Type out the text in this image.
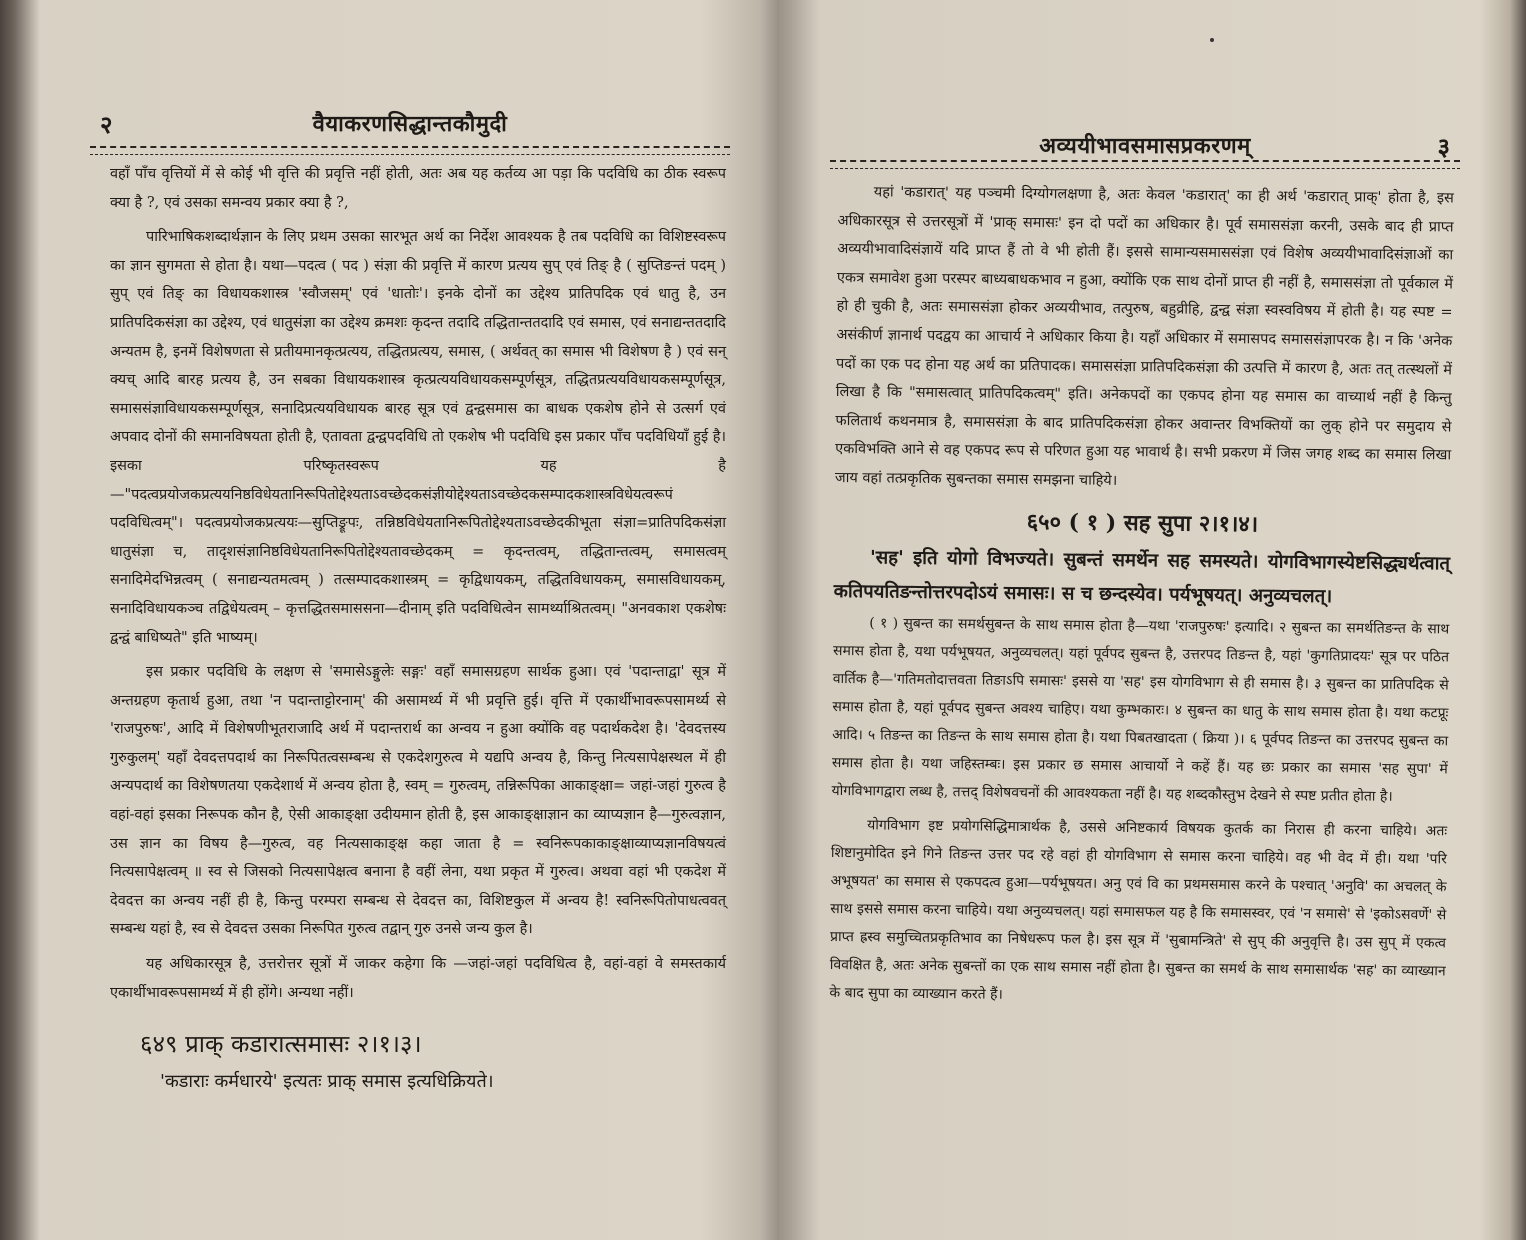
२	वैयाकरणसिद्धान्तकौमुदी

वहाँ पाँच वृत्तियों में से कोई भी वृत्ति की प्रवृत्ति नहीं होती, अतः अब यह कर्तव्य आ पड़ा कि पदविधि का ठीक स्वरूप क्या है ?, एवं उसका समन्वय प्रकार क्या है ?,

पारिभाषिकशब्दार्थज्ञान के लिए प्रथम उसका सारभूत अर्थ का निर्देश आवश्यक है तब पदविधि का विशिष्टस्वरूप का ज्ञान सुगमता से होता है। यथा—पदत्व ( पद ) संज्ञा की प्रवृत्ति में कारण प्रत्यय सुप् एवं तिङ् है ( सुप्तिङन्तं पदम् ) सुप् एवं तिङ् का विधायकशास्त्र 'स्वौजसम्' एवं 'धातोः'। इनके दोनों का उद्देश्य प्रातिपदिक एवं धातु है, उन प्रातिपदिकसंज्ञा का उद्देश्य, एवं धातुसंज्ञा का उद्देश्य क्रमशः कृदन्त तदादि तद्धितान्ततदादि एवं समास, एवं सनाद्यन्ततदादि अन्यतम है, इनमें विशेषणता से प्रतीयमानकृत्प्रत्यय, तद्धितप्रत्यय, समास, ( अर्थवत् का समास भी विशेषण है ) एवं सन् क्यच् आदि बारह प्रत्यय है, उन सबका विधायकशास्त्र कृत्प्रत्ययविधायकसम्पूर्णसूत्र, तद्धितप्रत्ययविधायकसम्पूर्णसूत्र, समाससंज्ञाविधायकसम्पूर्णसूत्र, सनादिप्रत्ययविधायक बारह सूत्र एवं द्वन्द्वसमास का बाधक एकशेष होने से उत्सर्ग एवं अपवाद दोनों की समानविषयता होती है, एतावता द्वन्द्वपदविधि तो एकशेष भी पदविधि इस प्रकार पाँच पदविधियाँ हुई है। इसका परिष्कृतस्वरूप यह है—"पदत्वप्रयोजकप्रत्ययनिष्ठविधेयतानिरूपितोद्देश्यताऽवच्छेदकसंज्ञीयोद्देश्यताऽवच्छेदकसम्पादकशास्त्रविधेयत्वरूपं पदविधित्वम्"। पदत्वप्रयोजकप्रत्ययः—सुप्तिङ्रूपः, तन्निष्ठविधेयतानिरूपितोद्देश्यताऽवच्छेदकीभूता संज्ञा=प्रातिपदिकसंज्ञा धातुसंज्ञा च, तादृशसंज्ञानिष्ठविधेयतानिरूपितोद्देश्यतावच्छेदकम् = कृदन्तत्वम्, तद्धितान्तत्वम्, समासत्वम् सनादिमेदभिन्नत्वम् ( सनाद्यन्यतमत्वम् ) तत्सम्पादकशास्त्रम् = कृद्विधायकम्, तद्धितविधायकम्, समासविधायकम्, सनादिविधायकञ्च तद्विधेयत्वम् – कृत्तद्धितसमाससना—दीनाम् इति पदविधित्वेन सामर्थ्याश्रितत्वम्। "अनवकाश एकशेषः द्वन्द्वं बाधिष्यते" इति भाष्यम्।

इस प्रकार पदविधि के लक्षण से 'समासेऽङ्गुलेः सङ्गः' वहाँ समासग्रहण सार्थक हुआ। एवं 'पदान्ताद्वा' सूत्र में अन्तग्रहण कृतार्थ हुआ, तथा 'न पदान्ताट्टोरनाम्' की असामर्थ्य में भी प्रवृत्ति हुई। वृत्ति में एकार्थीभावरूपसामर्थ्य से 'राजपुरुषः', आदि में विशेषणीभूतराजादि अर्थ में पदान्तरार्थ का अन्वय न हुआ क्योंकि वह पदार्थकदेश है। 'देवदत्तस्य गुरुकुलम्' यहाँ देवदत्तपदार्थ का निरूपितत्वसम्बन्ध से एकदेशगुरुत्व मे यद्यपि अन्वय है, किन्तु नित्यसापेक्षस्थल में ही अन्यपदार्थ का विशेषणतया एकदेशार्थ में अन्वय होता है, स्वम् = गुरुत्वम्, तन्निरूपिका आकाङ्क्षा= जहां-जहां गुरुत्व है वहां-वहां इसका निरूपक कौन है, ऐसी आकाङ्क्षा उदीयमान होती है, इस आकाङ्क्षाज्ञान का व्याप्यज्ञान है—गुरुत्वज्ञान, उस ज्ञान का विषय है—गुरुत्व, वह नित्यसाकाङ्क्ष कहा जाता है = स्वनिरूपकाकाङ्क्षाव्याप्यज्ञानविषयत्वं नित्यसापेक्षत्वम् ॥ स्व से जिसको नित्यसापेक्षत्व बनाना है वहीं लेना, यथा प्रकृत में गुरुत्व। अथवा वहां भी एकदेश में देवदत्त का अन्वय नहीं ही है, किन्तु परम्परा सम्बन्ध से देवदत्त का, विशिष्टकुल में अन्वय है! स्वनिरूपितोपाधत्ववत् सम्बन्ध यहां है, स्व से देवदत्त उसका निरूपित गुरुत्व तद्वान् गुरु उनसे जन्य कुल है।

यह अधिकारसूत्र है, उत्तरोत्तर सूत्रों में जाकर कहेगा कि —जहां-जहां पदविधित्व है, वहां-वहां वे समस्तकार्य एकार्थीभावरूपसामर्थ्य में ही होंगे। अन्यथा नहीं।

६४९ प्राक् कडारात्समासः २।१।३।
'कडाराः कर्मधारये' इत्यतः प्राक् समास इत्यधिक्रियते।
अव्ययीभावसमासप्रकरणम्	३

यहां 'कडारात्' यह पञ्चमी दिग्योगलक्षणा है, अतः केवल 'कडारात्' का ही अर्थ 'कडारात् प्राक्' होता है, इस अधिकारसूत्र से उत्तरसूत्रों में 'प्राक् समासः' इन दो पदों का अधिकार है। पूर्व समाससंज्ञा करनी, उसके बाद ही प्राप्त अव्ययीभावादिसंज्ञायें यदि प्राप्त हैं तो वे भी होती हैं। इससे सामान्यसमाससंज्ञा एवं विशेष अव्ययीभावादिसंज्ञाओं का एकत्र समावेश हुआ परस्पर बाध्यबाधकभाव न हुआ, क्योंकि एक साथ दोनों प्राप्त ही नहीं है, समाससंज्ञा तो पूर्वकाल में हो ही चुकी है, अतः समाससंज्ञा होकर अव्ययीभाव, तत्पुरुष, बहुव्रीहि, द्वन्द्व संज्ञा स्वस्वविषय में होती है। यह स्पष्ट = असंकीर्ण ज्ञानार्थ पदद्वय का आचार्य ने अधिकार किया है। यहाँ अधिकार में समासपद समाससंज्ञापरक है। न कि 'अनेक पदों का एक पद होना यह अर्थ का प्रतिपादक। समाससंज्ञा प्रातिपदिकसंज्ञा की उत्पत्ति में कारण है, अतः तत् तत्स्थलों में लिखा है कि "समासत्वात् प्रातिपदिकत्वम्" इति। अनेकपदों का एकपद होना यह समास का वाच्यार्थ नहीं है किन्तु फलितार्थ कथनमात्र है, समाससंज्ञा के बाद प्रातिपदिकसंज्ञा होकर अवान्तर विभक्तियों का लुक् होने पर समुदाय से एकविभक्ति आने से वह एकपद रूप से परिणत हुआ यह भावार्थ है। सभी प्रकरण में जिस जगह शब्द का समास लिखा जाय वहां तत्प्रकृतिक सुबन्तका समास समझना चाहिये।

६५० ( १ ) सह सुपा २।१।४।
'सह' इति योगो विभज्यते। सुबन्तं समर्थेन सह समस्यते। योगविभागस्येष्टसिद्ध्यर्थत्वात् कतिपयतिङन्तोत्तरपदोऽयं समासः। स च छन्दस्येव। पर्यभूषयत्। अनुव्यचलत्।

( १ ) सुबन्त का समर्थसुबन्त के साथ समास होता है—यथा 'राजपुरुषः' इत्यादि। २ सुबन्त का समर्थतिङन्त के साथ समास होता है, यथा पर्यभूषयत, अनुव्यचलत्। यहां पूर्वपद सुबन्त है, उत्तरपद तिङन्त है, यहां 'कुगतिप्रादयः' सूत्र पर पठित वार्तिक है—'गतिमतोदात्तवता तिङाऽपि समासः' इससे या 'सह' इस योगविभाग से ही समास है। ३ सुबन्त का प्रातिपदिक से समास होता है, यहां पूर्वपद सुबन्त अवश्य चाहिए। यथा कुम्भकारः। ४ सुबन्त का धातु के साथ समास होता है। यथा कटप्रूः आदि। ५ तिङन्त का तिङन्त के साथ समास होता है। यथा पिबतखादता ( क्रिया )। ६ पूर्वपद तिङन्त का उत्तरपद सुबन्त का समास होता है। यथा जहिस्तम्बः। इस प्रकार छ समास आचार्यो ने कहें हैं। यह छः प्रकार का समास 'सह सुपा' में योगविभागद्वारा लब्ध है, तत्तद् विशेषवचनों की आवश्यकता नहीं है। यह शब्दकौस्तुभ देखने से स्पष्ट प्रतीत होता है।

योगविभाग इष्ट प्रयोगसिद्धिमात्रार्थक है, उससे अनिष्टकार्य विषयक कुतर्क का निरास ही करना चाहिये। अतः शिष्टानुमोदित इने गिने तिङन्त उत्तर पद रहे वहां ही योगविभाग से समास करना चाहिये। वह भी वेद में ही। यथा 'परि अभूषयत' का समास से एकपदत्व हुआ—पर्यभूषयत। अनु एवं वि का प्रथमसमास करने के पश्चात् 'अनुवि' का अचलत् के साथ इससे समास करना चाहिये। यथा अनुव्यचलत्। यहां समासफल यह है कि समासस्वर, एवं 'न समासे' से 'इकोऽसवर्णे' से प्राप्त ह्रस्व समुच्चितप्रकृतिभाव का निषेधरूप फल है। इस सूत्र में 'सुबामन्त्रिते' से सुप् की अनुवृत्ति है। उस सुप् में एकत्व विवक्षित है, अतः अनेक सुबन्तों का एक साथ समास नहीं होता है। सुबन्त का समर्थ के साथ समासार्थक 'सह' का व्याख्यान के बाद सुपा का व्याख्यान करते हैं।
